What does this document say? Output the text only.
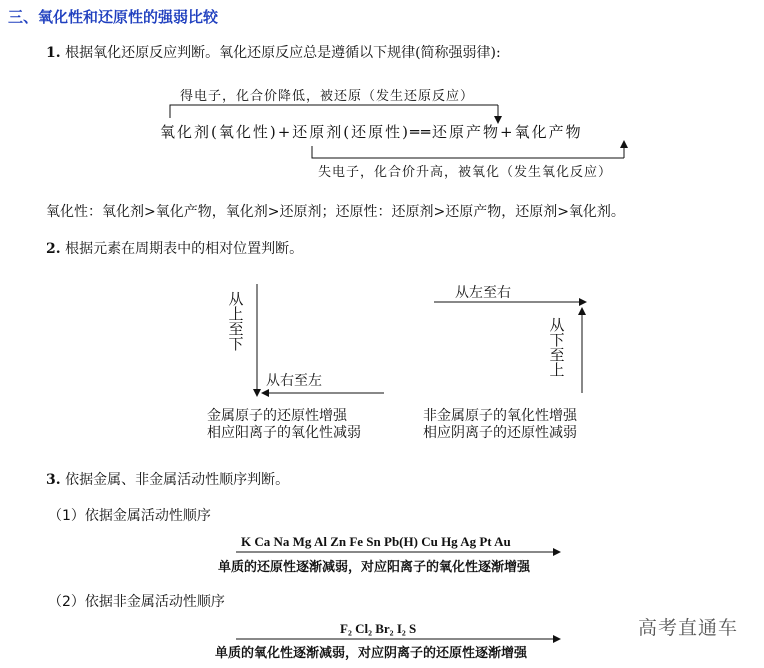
三、氧化性和还原性的强弱比较
1. 根据氧化还原反应判断。氧化还原反应总是遵循以下规律(简称强弱律):
得电子，化合价降低，被还原（发生还原反应）
氧化剂(氧化性)+还原剂(还原性)══还原产物+氧化产物
失电子，化合价升高，被氧化（发生氧化反应）
氧化性：氧化剂>氧化产物，氧化剂>还原剂；还原性：还原剂>还原产物，还原剂>氧化剂。
2. 根据元素在周期表中的相对位置判断。
从上至下
从右至左
金属原子的还原性增强
相应阳离子的氧化性减弱
从左至右
从下至上
非金属原子的氧化性增强
相应阴离子的还原性减弱
3. 依据金属、非金属活动性顺序判断。
（1）依据金属活动性顺序
K Ca Na Mg Al Zn Fe Sn Pb(H) Cu Hg Ag Pt Au
单质的还原性逐渐减弱，对应阳离子的氧化性逐渐增强
（2）依据非金属活动性顺序
F₂ Cl₂ Br₂ I₂ S
单质的氧化性逐渐减弱，对应阴离子的还原性逐渐增强
高考直通车
